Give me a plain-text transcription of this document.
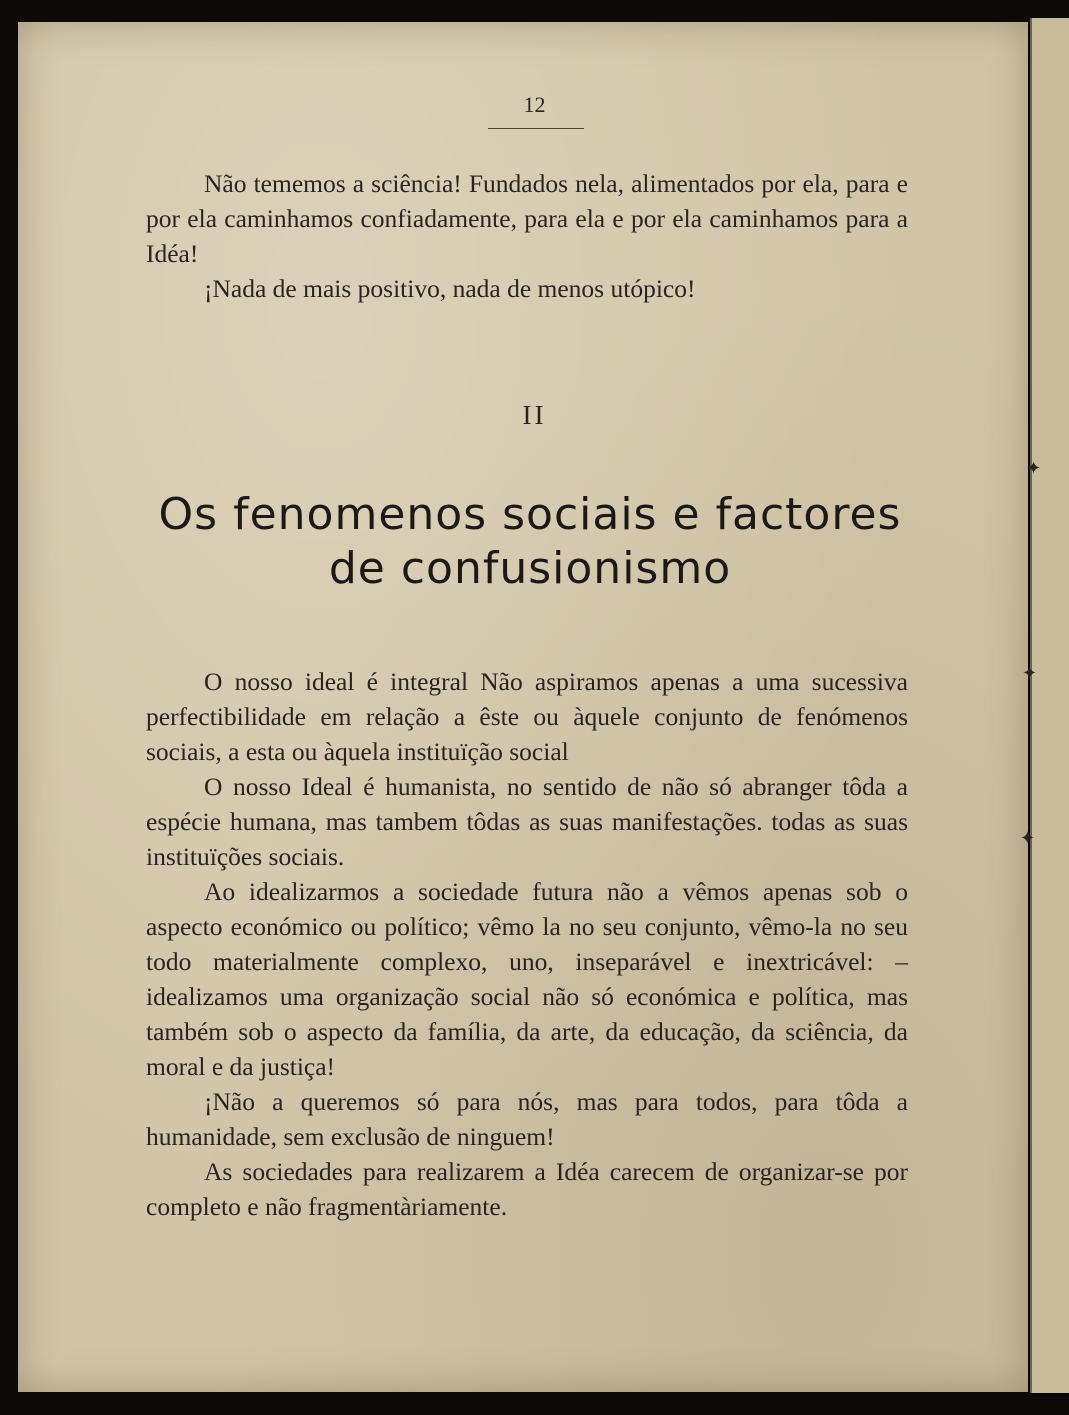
✦
✦
✦
12

Não tememos a sciência! Fundados nela, alimentados por ela, para e por ela caminhamos confiadamente, para ela e por ela caminhamos para a Idéa!

¡Nada de mais positivo, nada de menos utópico!

II
Os fenomenos sociais e factores
de confusionismo

O nosso ideal é integral Não aspiramos apenas a uma sucessiva perfectibilidade em relação a êste ou àquele conjunto de fenómenos sociais, a esta ou àquela instituïção social

O nosso Ideal é humanista, no sentido de não só abranger tôda a espécie humana, mas tambem tôdas as suas manifestações. todas as suas instituïções sociais.

Ao idealizarmos a sociedade futura não a vêmos apenas sob o aspecto económico ou político; vêmo la no seu conjunto, vêmo-la no seu todo materialmente complexo, uno, inseparável e inextricável: – idealizamos uma organização social não só económica e política, mas também sob o aspecto da família, da arte, da educação, da sciência, da moral e da justiça!

¡Não a queremos só para nós, mas para todos, para tôda a humanidade, sem exclusão de ninguem!

As sociedades para realizarem a Idéa carecem de organizar-se por completo e não fragmentàriamente.
